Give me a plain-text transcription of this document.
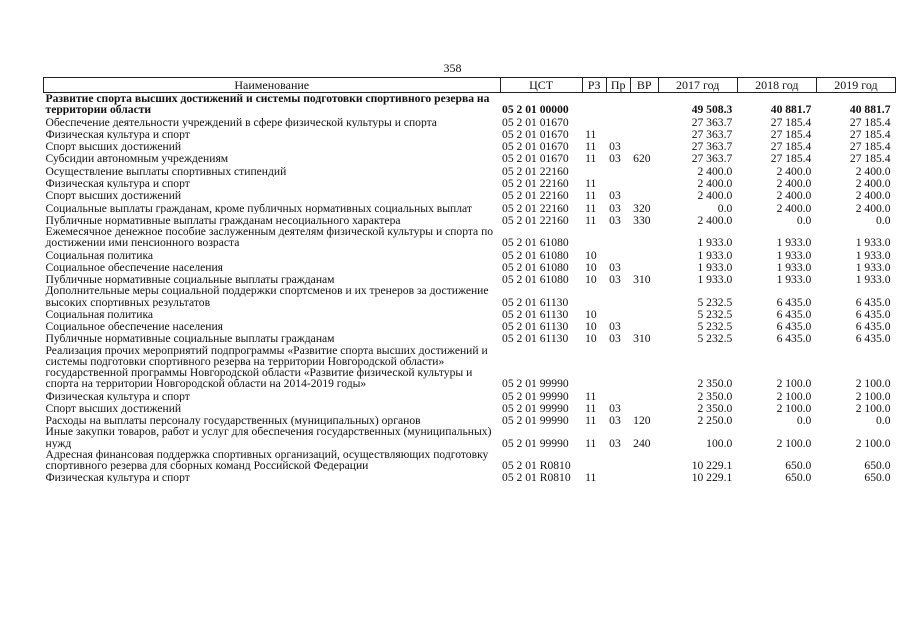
358
Наименование	ЦСТ	РЗ	Пр	ВР	2017 год	2018 год	2019 год
Развитие спорта высших достижений и системы подготовки спортивного резерва на территории области	05 2 01 00000				49 508.3	40 881.7	40 881.7
Обеспечение деятельности учреждений в сфере физической культуры и спорта	05 2 01 01670				27 363.7	27 185.4	27 185.4
Физическая культура и спорт	05 2 01 01670	11			27 363.7	27 185.4	27 185.4
Спорт высших достижений	05 2 01 01670	11	03		27 363.7	27 185.4	27 185.4
Субсидии автономным учреждениям	05 2 01 01670	11	03	620	27 363.7	27 185.4	27 185.4
Осуществление выплаты спортивных стипендий	05 2 01 22160				2 400.0	2 400.0	2 400.0
Физическая культура и спорт	05 2 01 22160	11			2 400.0	2 400.0	2 400.0
Спорт высших достижений	05 2 01 22160	11	03		2 400.0	2 400.0	2 400.0
Социальные выплаты гражданам, кроме публичных нормативных социальных выплат	05 2 01 22160	11	03	320	0.0	2 400.0	2 400.0
Публичные нормативные выплаты гражданам несоциального характера	05 2 01 22160	11	03	330	2 400.0	0.0	0.0
Ежемесячное денежное пособие заслуженным деятелям физической культуры и спорта по достижении ими пенсионного возраста	05 2 01 61080				1 933.0	1 933.0	1 933.0
Социальная политика	05 2 01 61080	10			1 933.0	1 933.0	1 933.0
Социальное обеспечение населения	05 2 01 61080	10	03		1 933.0	1 933.0	1 933.0
Публичные нормативные социальные выплаты гражданам	05 2 01 61080	10	03	310	1 933.0	1 933.0	1 933.0
Дополнительные меры социальной поддержки спортсменов и их тренеров за достижение высоких спортивных результатов	05 2 01 61130				5 232.5	6 435.0	6 435.0
Социальная политика	05 2 01 61130	10			5 232.5	6 435.0	6 435.0
Социальное обеспечение населения	05 2 01 61130	10	03		5 232.5	6 435.0	6 435.0
Публичные нормативные социальные выплаты гражданам	05 2 01 61130	10	03	310	5 232.5	6 435.0	6 435.0
Реализация прочих мероприятий подпрограммы «Развитие спорта высших достижений и системы подготовки спортивного резерва на территории Новгородской области» государственной программы Новгородской области «Развитие физической культуры и спорта на территории Новгородской области на 2014-2019 годы»	05 2 01 99990				2 350.0	2 100.0	2 100.0
Физическая культура и спорт	05 2 01 99990	11			2 350.0	2 100.0	2 100.0
Спорт высших достижений	05 2 01 99990	11	03		2 350.0	2 100.0	2 100.0
Расходы на выплаты персоналу государственных (муниципальных) органов	05 2 01 99990	11	03	120	2 250.0	0.0	0.0
Иные закупки товаров, работ и услуг для обеспечения государственных (муниципальных) нужд	05 2 01 99990	11	03	240	100.0	2 100.0	2 100.0
Адресная финансовая поддержка спортивных организаций, осуществляющих подготовку спортивного резерва для сборных команд Российской Федерации	05 2 01 R0810				10 229.1	650.0	650.0
Физическая культура и спорт	05 2 01 R0810	11			10 229.1	650.0	650.0
